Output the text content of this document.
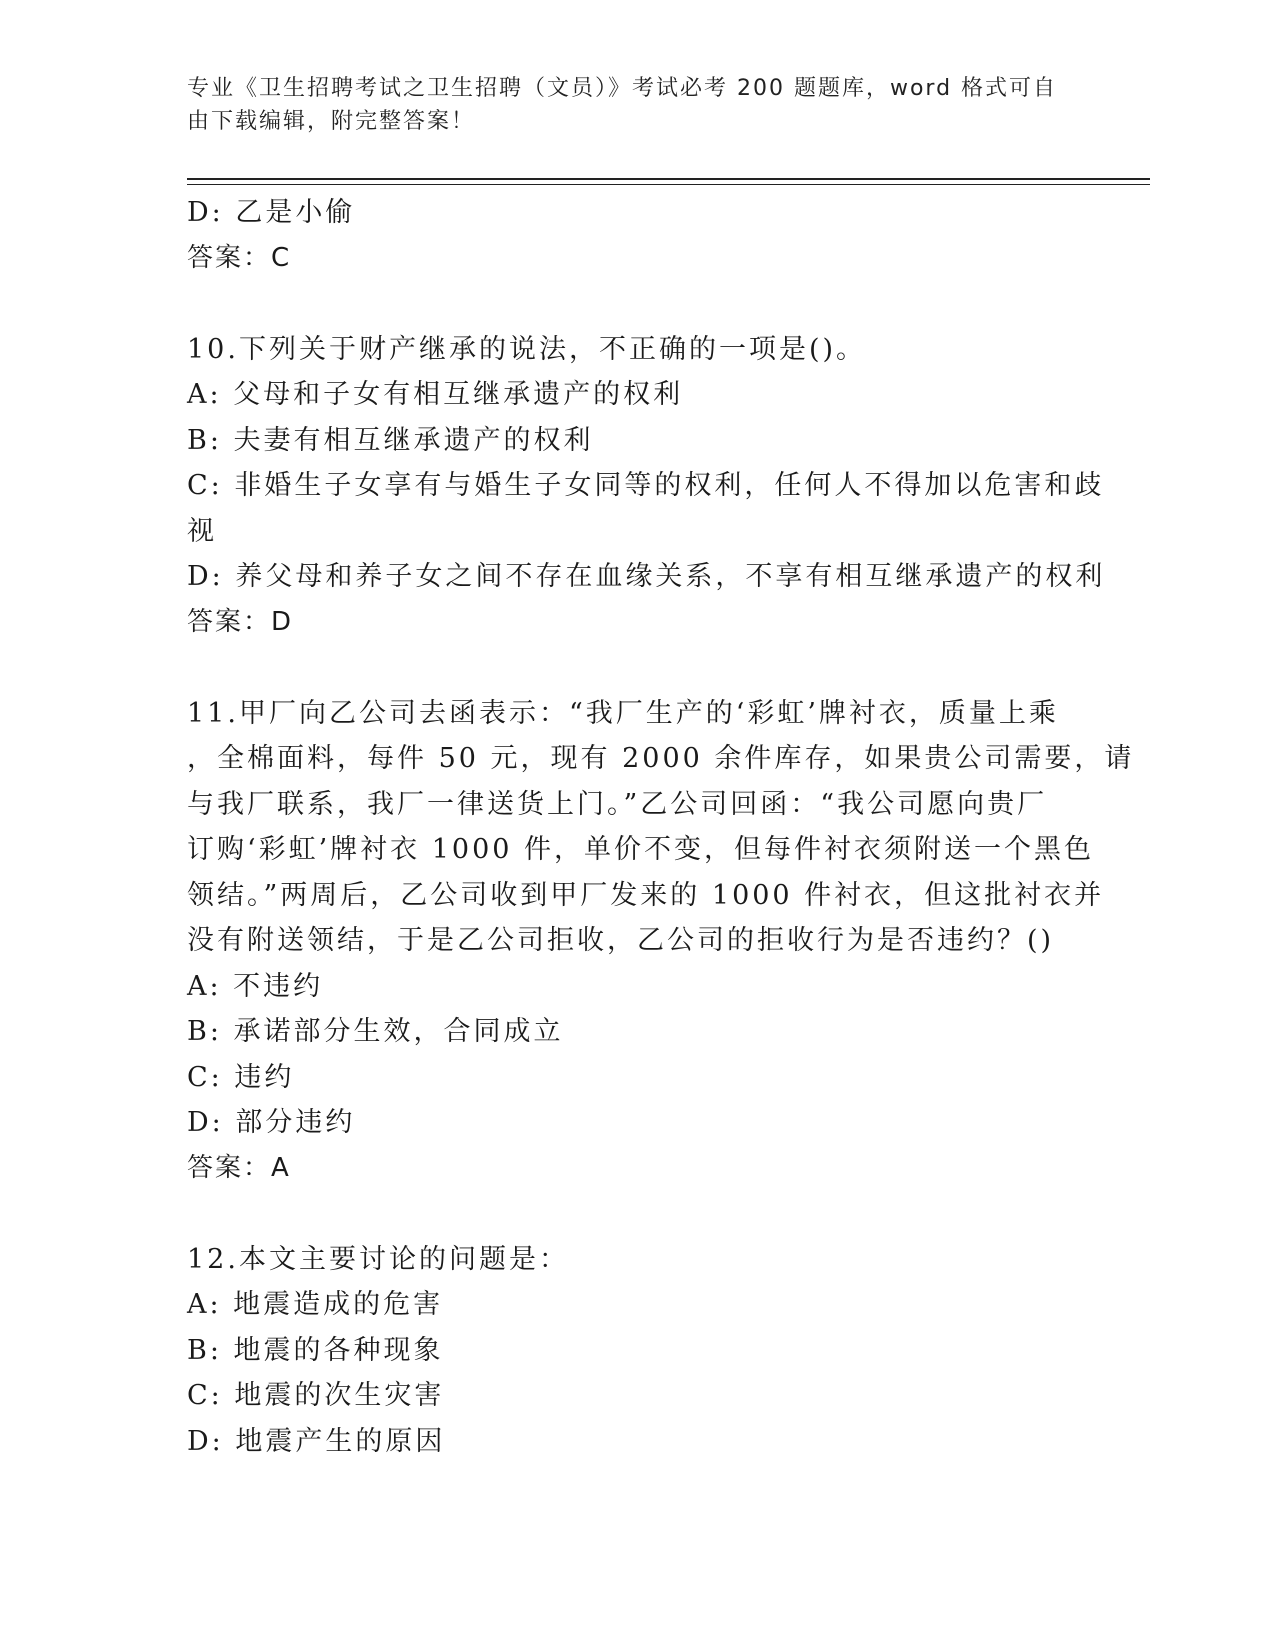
专业《卫生招聘考试之卫生招聘（文员）》考试必考 200 题题库，word 格式可自
由下载编辑，附完整答案！
D: 乙是小偷
答案：C
10.下列关于财产继承的说法，不正确的一项是()。
A: 父母和子女有相互继承遗产的权利
B: 夫妻有相互继承遗产的权利
C: 非婚生子女享有与婚生子女同等的权利，任何人不得加以危害和歧
视
D: 养父母和养子女之间不存在血缘关系，不享有相互继承遗产的权利
答案：D
11.甲厂向乙公司去函表示：“我厂生产的‘彩虹’牌衬衣，质量上乘
，全棉面料，每件 50 元，现有 2000 余件库存，如果贵公司需要，请
与我厂联系，我厂一律送货上门。”乙公司回函：“我公司愿向贵厂
订购‘彩虹’牌衬衣 1000 件，单价不变，但每件衬衣须附送一个黑色
领结。”两周后，乙公司收到甲厂发来的 1000 件衬衣，但这批衬衣并
没有附送领结，于是乙公司拒收，乙公司的拒收行为是否违约？()
A: 不违约
B: 承诺部分生效，合同成立
C: 违约
D: 部分违约
答案：A
12.本文主要讨论的问题是：
A: 地震造成的危害
B: 地震的各种现象
C: 地震的次生灾害
D: 地震产生的原因
